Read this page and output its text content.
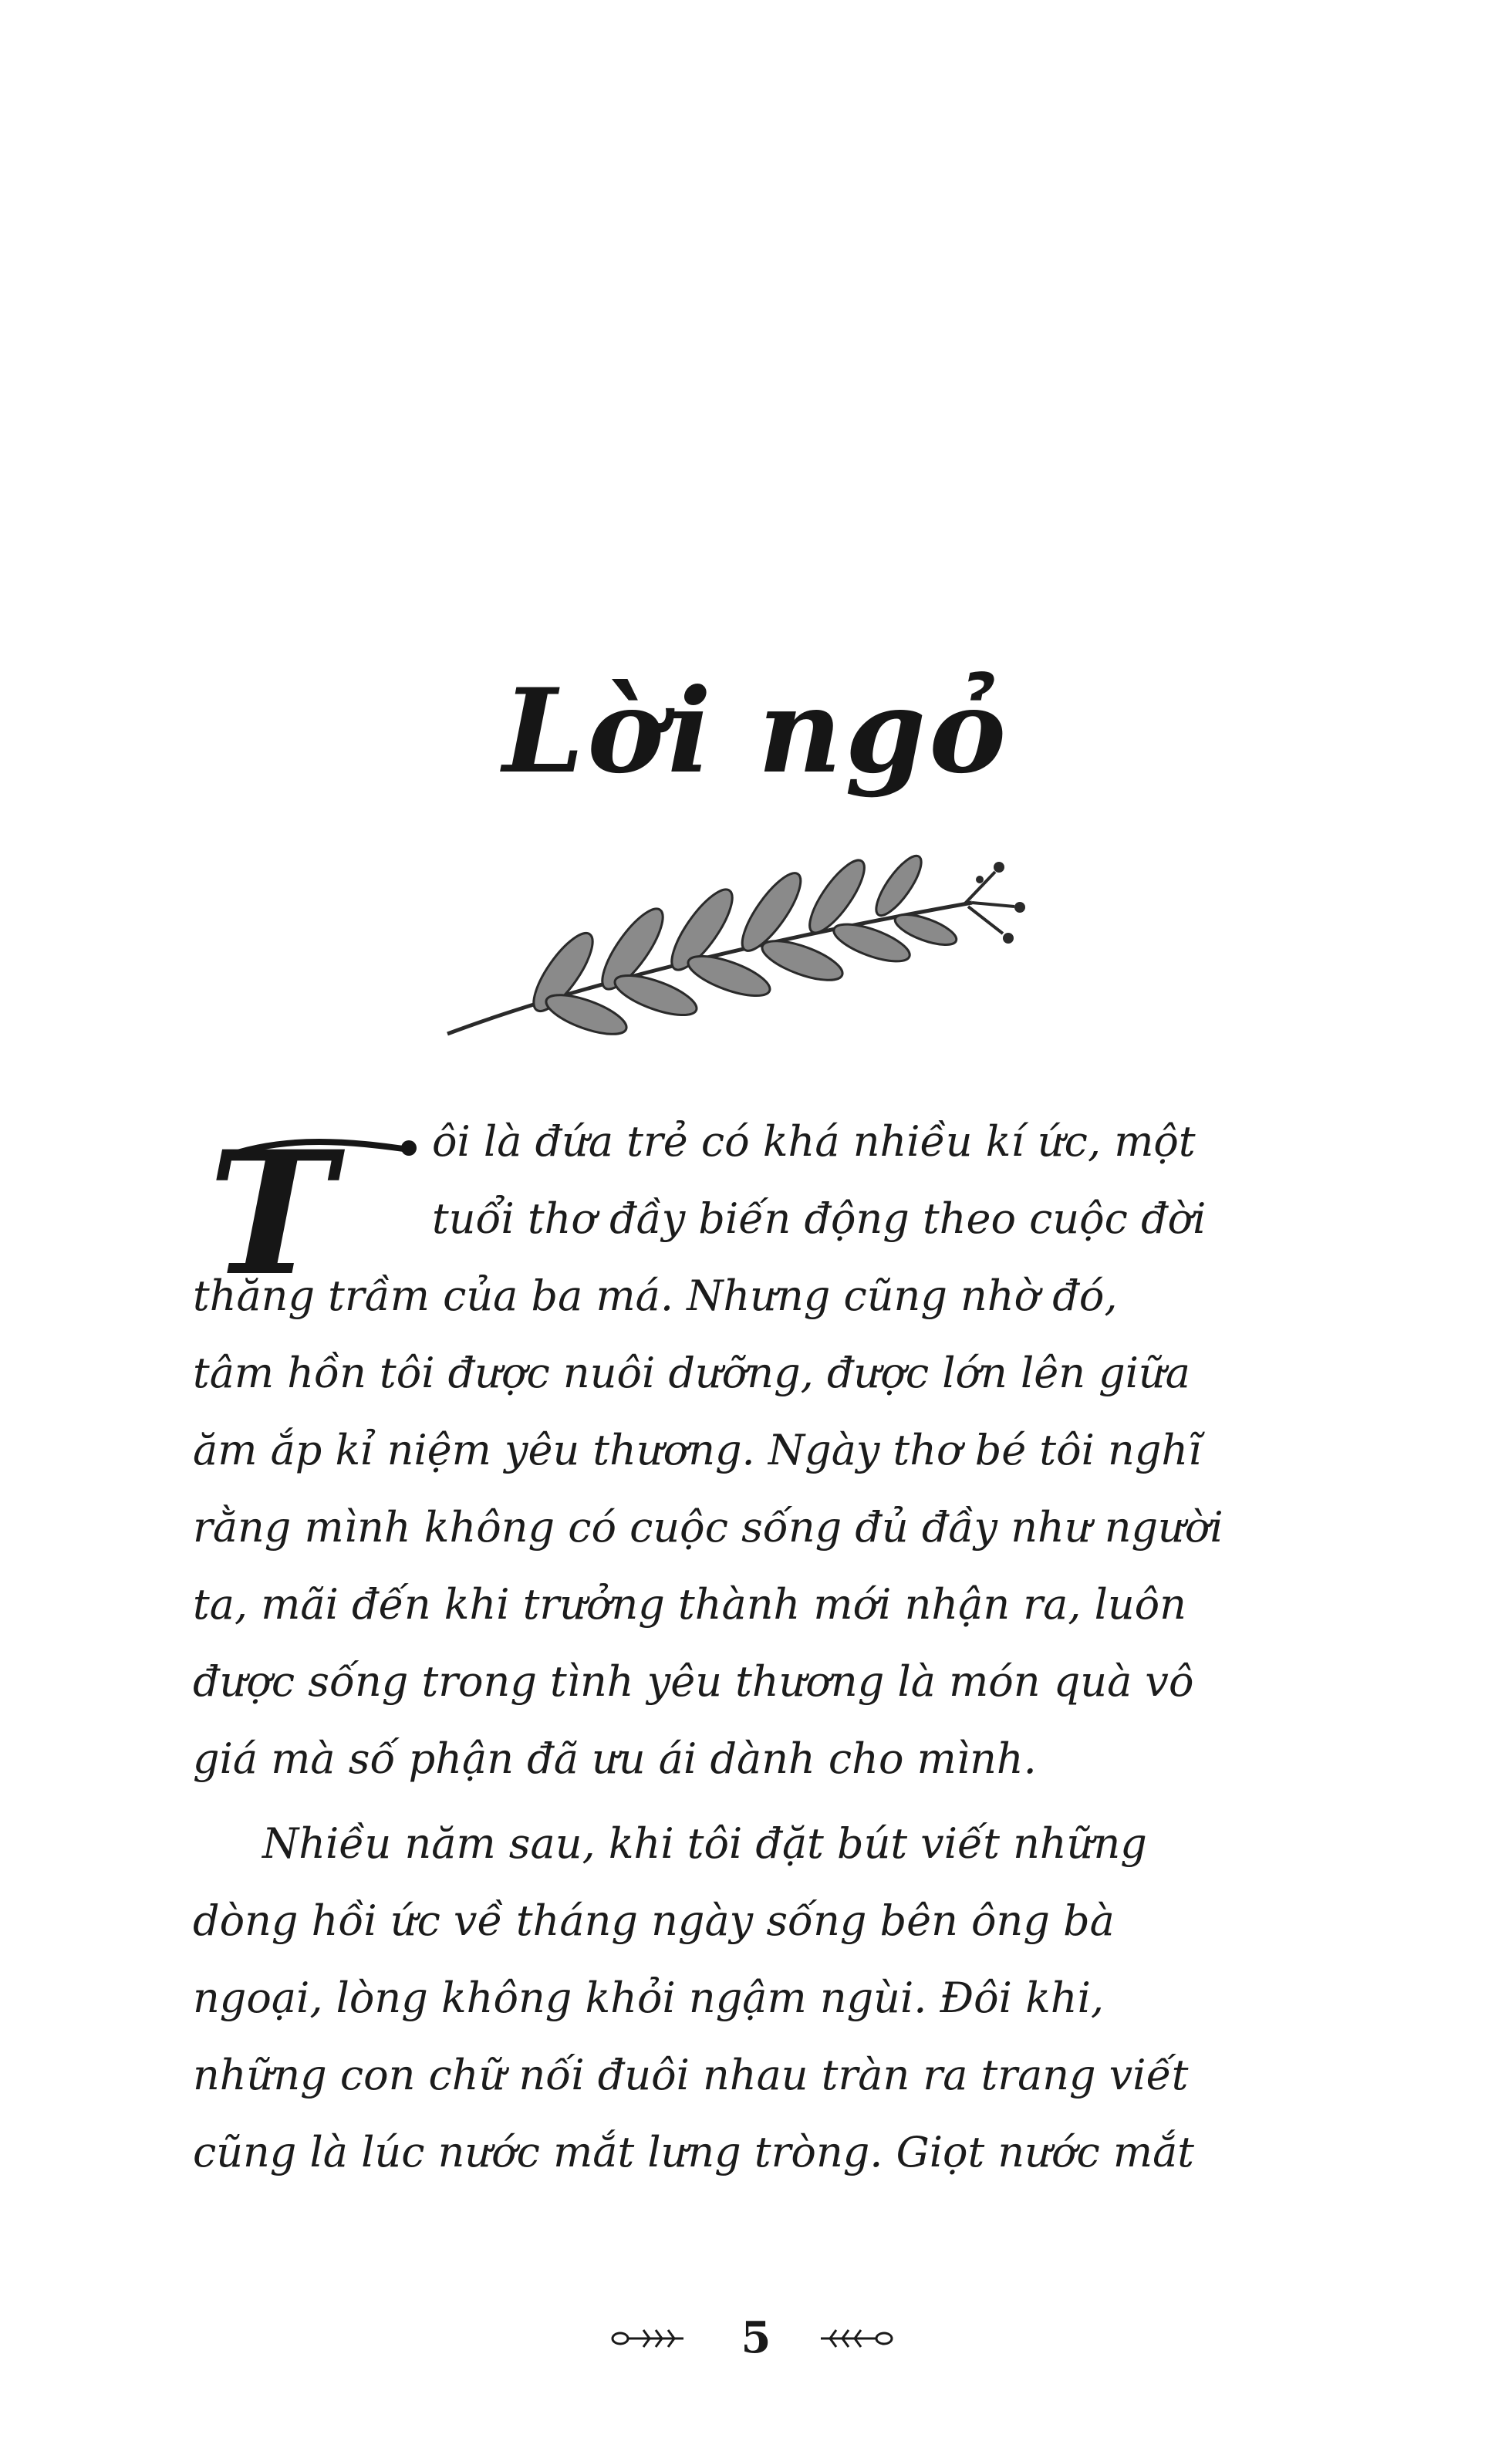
Lời ngỏ
T ôi là đứa trẻ có khá nhiều kí ức, một
tuổi thơ đầy biến động theo cuộc đời
thăng trầm của ba má. Nhưng cũng nhờ đó,
tâm hồn tôi được nuôi dưỡng, được lớn lên giữa
ăm ắp kỉ niệm yêu thương. Ngày thơ bé tôi nghĩ
rằng mình không có cuộc sống đủ đầy như người
ta, mãi đến khi trưởng thành mới nhận ra, luôn
được sống trong tình yêu thương là món quà vô
giá mà số phận đã ưu ái dành cho mình.
Nhiều năm sau, khi tôi đặt bút viết những
dòng hồi ức về tháng ngày sống bên ông bà
ngoại, lòng không khỏi ngậm ngùi. Đôi khi,
những con chữ nối đuôi nhau tràn ra trang viết
cũng là lúc nước mắt lưng tròng. Giọt nước mắt
5
